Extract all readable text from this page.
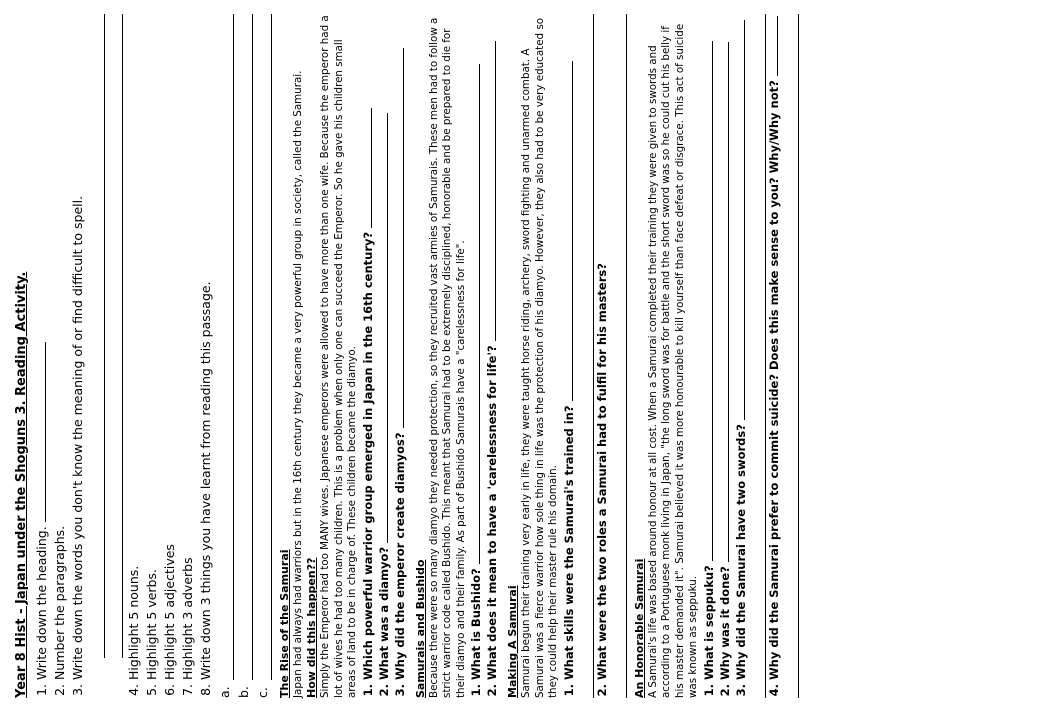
Year 8 Hist - Japan under the Shoguns 3. Reading Activity. 1. Write down the heading. 2. Number the paragraphs. 3. Write down the words you don't know the meaning of or find difficult to spell.	4. Highlight 5 nouns. 5. Highlight 5 verbs. 6. Highlight 5 adjectives 7. Highlight 3 adverbs 8. Write down 3 things you have learnt from reading this passage.
a. b. c. The Rise of the Samurai Japan had always had warriors but in the 16th century they became a very powerful group in society, called the Samurai. How did this happen?? Simply the Emperor had too MANY wives. Japanese emperors were allowed to have more than one wife. Because the emperor had a lot of wives he had too many children. This is a problem when only one can succeed the Emperor. So he gave his children small areas of land to be in charge of. These children became the diamyo. 1. Which powerful warrior group emerged in Japan in the 16th century? 2. What was a diamyo? 3. Why did the emperor create diamyos? Samurais and Bushido Because there were so many diamyo they needed protection, so they recruited vast armies of Samurais. These men had to follow a strict warrior code called Bushido. This meant that Samurai had to be extremely disciplined, honorable and be prepared to die for their diamyo and their family. As part of Bushido Samurais have a "carelessness for life". 1. What is Bushido? 2. What does it mean to have a 'carelessness for life'? Making A Samurai Samurai begun their training very early in life, they were taught horse riding, archery, sword fighting and unarmed combat. A Samurai was a fierce warrior how sole thing in life was the protection of his diamyo. However, they also had to be very educated so they could help their master rule his domain. 1. What skills were the Samurai's trained in? 2. What were the two roles a Samurai had to fulfil for his masters? An Honorable Samurai A Samurai's life was based around honour at all cost. When a Samurai completed their training they were given to swords and according to a Portuguese monk living in Japan, "the long sword was for battle and the short sword was so he could cut his belly if his master demanded it". Samurai believed it was more honourable to kill yourself than face defeat or disgrace. This act of suicide was known as seppuku. 1. What is seppuku? 2. Why was it done? 3. Why did the Samurai have two swords? 4. Why did the Samurai prefer to commit suicide? Does this make sense to you? Why/Why not?
